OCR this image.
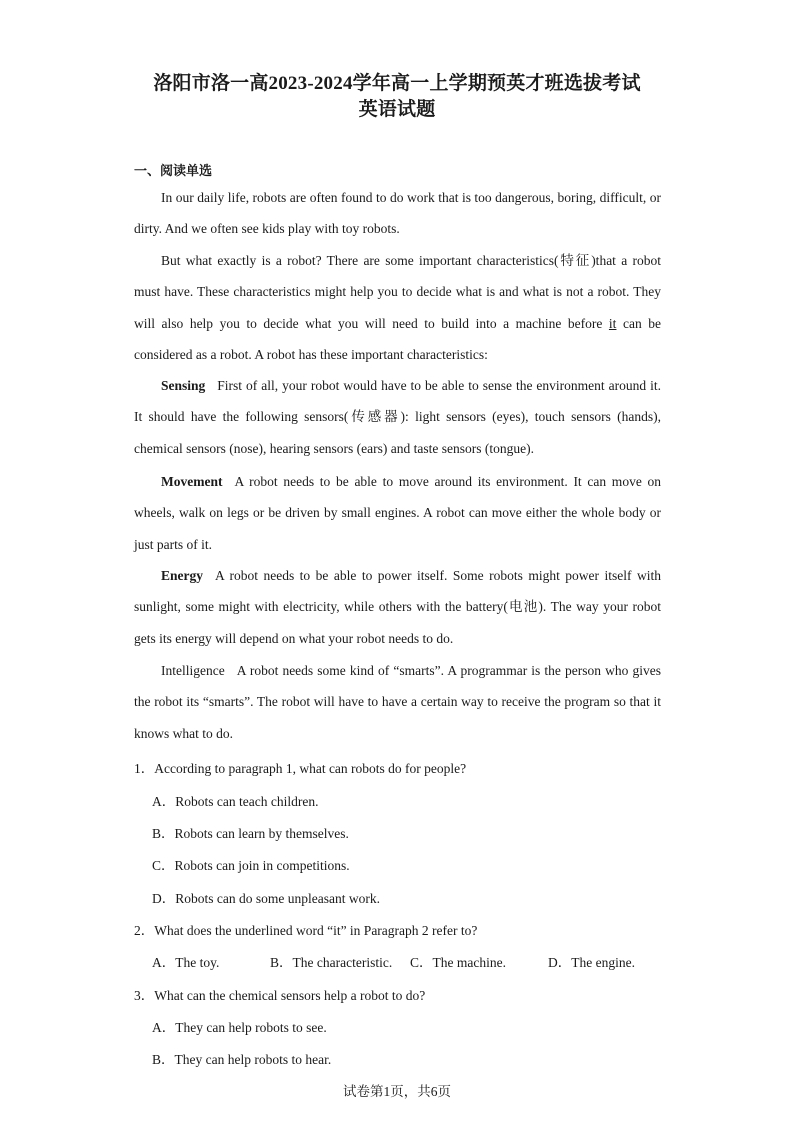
洛阳市洛一高2023-2024学年高一上学期预英才班选拔考试
英语试题
一、阅读单选
In our daily life, robots are often found to do work that is too dangerous, boring, difficult, or dirty. And we often see kids play with toy robots.
But what exactly is a robot? There are some important characteristics(特征)that a robot must have. These characteristics might help you to decide what is and what is not a robot. They will also help you to decide what you will need to build into a machine before it can be considered as a robot. A robot has these important characteristics:
Sensing First of all, your robot would have to be able to sense the environment around it. It should have the following sensors(传感器): light sensors (eyes), touch sensors (hands), chemical sensors (nose), hearing sensors (ears) and taste sensors (tongue).
Movement A robot needs to be able to move around its environment. It can move on wheels, walk on legs or be driven by small engines. A robot can move either the whole body or just parts of it.
Energy A robot needs to be able to power itself. Some robots might power itself with sunlight, some might with electricity, while others with the battery(电池). The way your robot gets its energy will depend on what your robot needs to do.
Intelligence A robot needs some kind of “smarts”. A programmar is the person who gives the robot its “smarts”. The robot will have to have a certain way to receive the program so that it knows what to do.
1．According to paragraph 1, what can robots do for people?
A．Robots can teach children.
B．Robots can learn by themselves.
C．Robots can join in competitions.
D．Robots can do some unpleasant work.
2．What does the underlined word “it” in Paragraph 2 refer to?
A．The toy.	B．The characteristic. C．The machine.	D．The engine.
3．What can the chemical sensors help a robot to do?
A．They can help robots to see.
B．They can help robots to hear.
试卷第1页，共6页
